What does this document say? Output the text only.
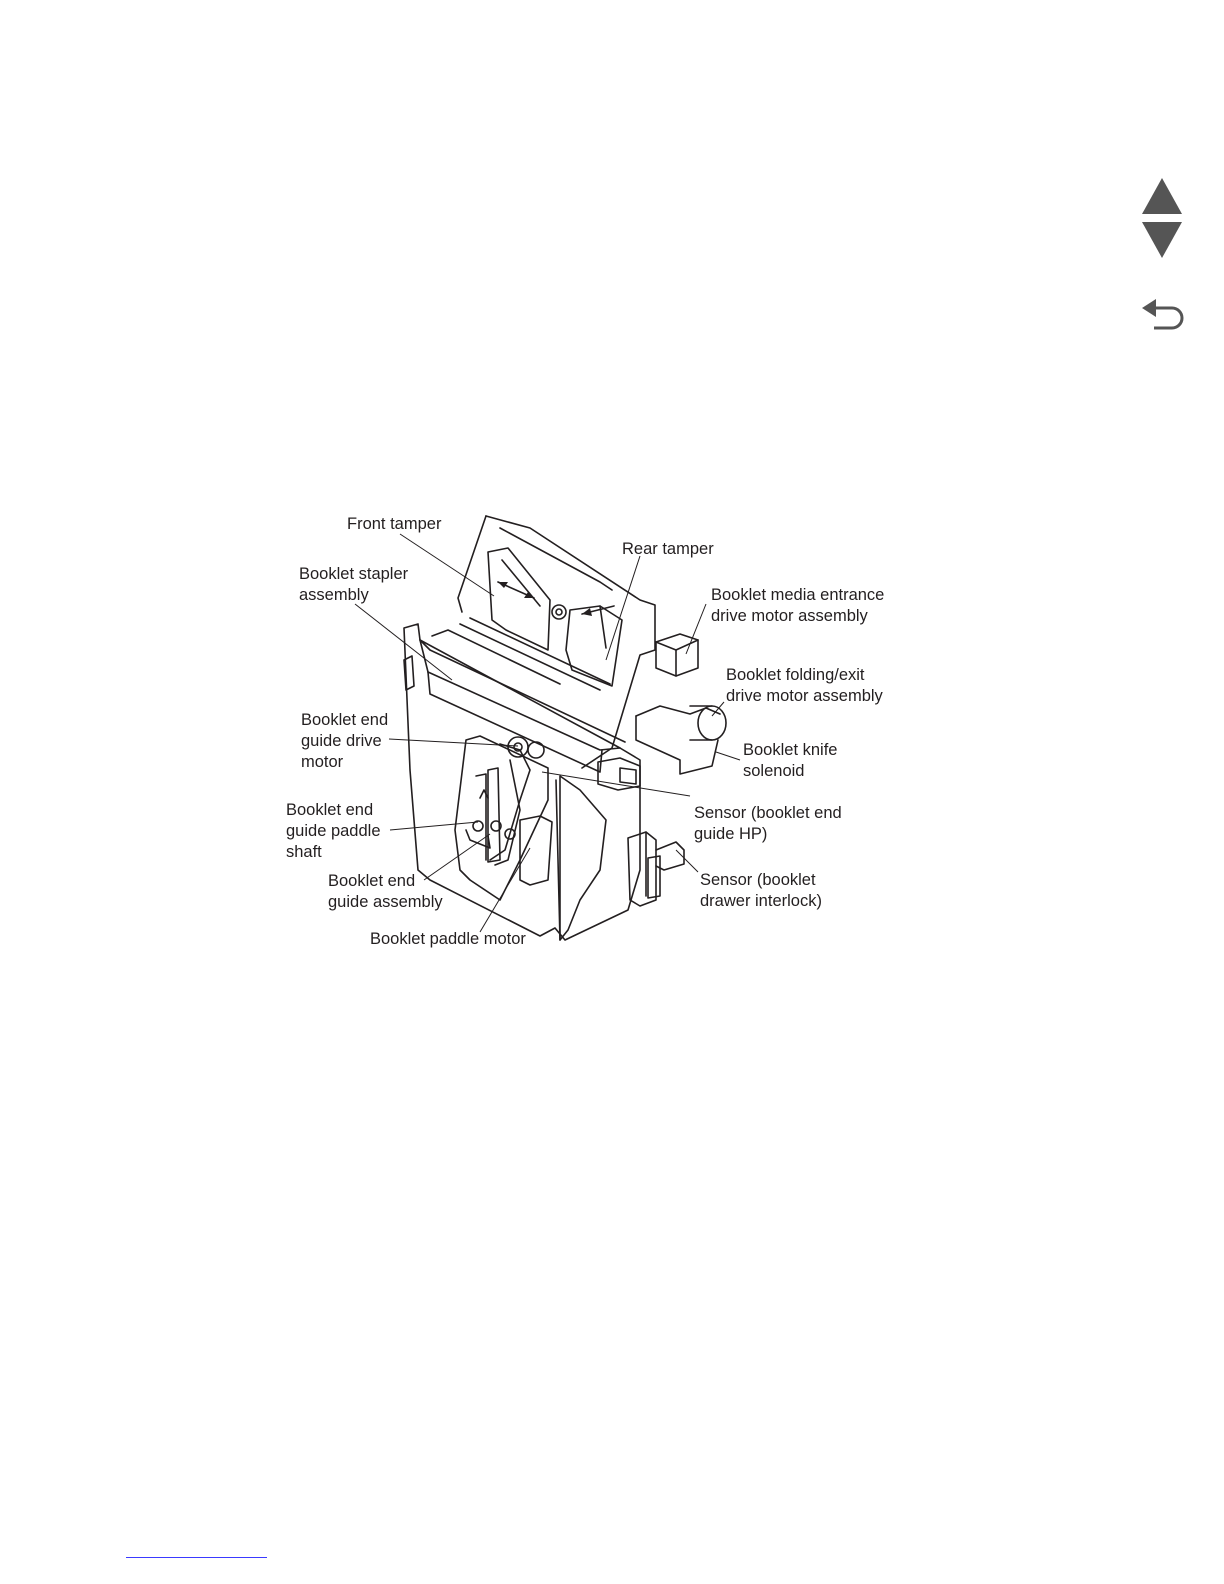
Front tamper
Rear tamper
Booklet stapler
assembly	Booklet media entrance
drive motor assembly
Booklet folding/exit
drive motor assembly
Booklet end
guide drive
motor
Booklet knife
solenoid
Booklet end
guide paddle
shaft
Sensor (booklet end
guide HP)
Booklet end
guide assembly
Sensor (booklet
drawer interlock)
Booklet paddle motor
